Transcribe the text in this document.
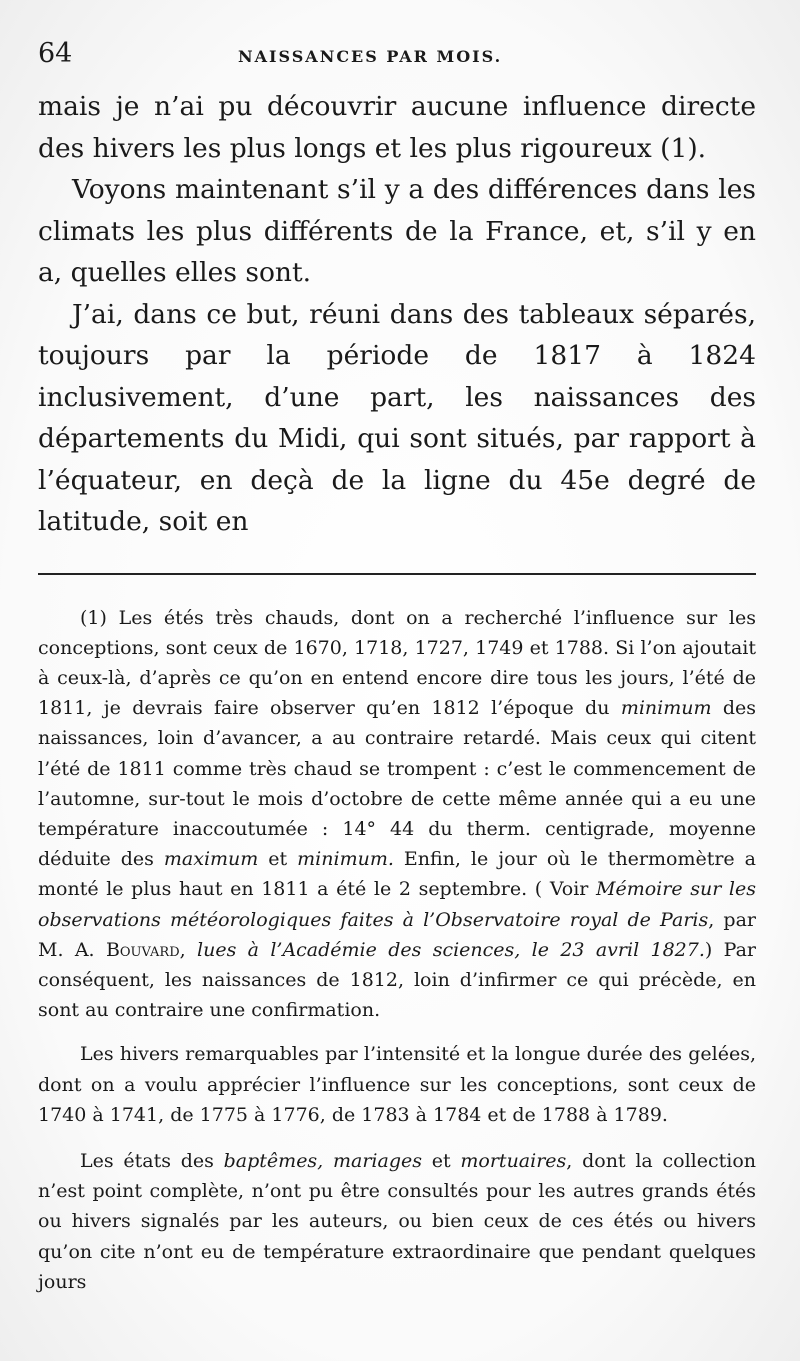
64	NAISSANCES PAR MOIS.

mais je n’ai pu découvrir aucune influence directe des hivers les plus longs et les plus rigoureux (1).

Voyons maintenant s’il y a des différences dans les climats les plus différents de la France, et, s’il y en a, quelles elles sont.

J’ai, dans ce but, réuni dans des tableaux séparés, toujours par la période de 1817 à 1824 inclusivement, d’une part, les naissances des départements du Midi, qui sont situés, par rapport à l’équateur, en deçà de la ligne du 45e degré de latitude, soit en

(1) Les étés très chauds, dont on a recherché l’influence sur les conceptions, sont ceux de 1670, 1718, 1727, 1749 et 1788. Si l’on ajoutait à ceux-là, d’après ce qu’on en entend encore dire tous les jours, l’été de 1811, je devrais faire observer qu’en 1812 l’époque du minimum des naissances, loin d’avancer, a au contraire retardé. Mais ceux qui citent l’été de 1811 comme très chaud se trompent : c’est le commencement de l’automne, sur-tout le mois d’octobre de cette même année qui a eu une température inaccoutumée : 14° 44 du therm. centigrade, moyenne déduite des maximum et minimum. Enfin, le jour où le thermomètre a monté le plus haut en 1811 a été le 2 septembre. ( Voir Mémoire sur les observations météorologiques faites à l’Observatoire royal de Paris, par M. A. Bouvard, lues à l’Académie des sciences, le 23 avril 1827.) Par conséquent, les naissances de 1812, loin d’infirmer ce qui précède, en sont au contraire une confirmation.

Les hivers remarquables par l’intensité et la longue durée des gelées, dont on a voulu apprécier l’influence sur les conceptions, sont ceux de 1740 à 1741, de 1775 à 1776, de 1783 à 1784 et de 1788 à 1789.

Les états des baptêmes, mariages et mortuaires, dont la collection n’est point complète, n’ont pu être consultés pour les autres grands étés ou hivers signalés par les auteurs, ou bien ceux de ces étés ou hivers qu’on cite n’ont eu de température extraordinaire que pendant quelques jours
